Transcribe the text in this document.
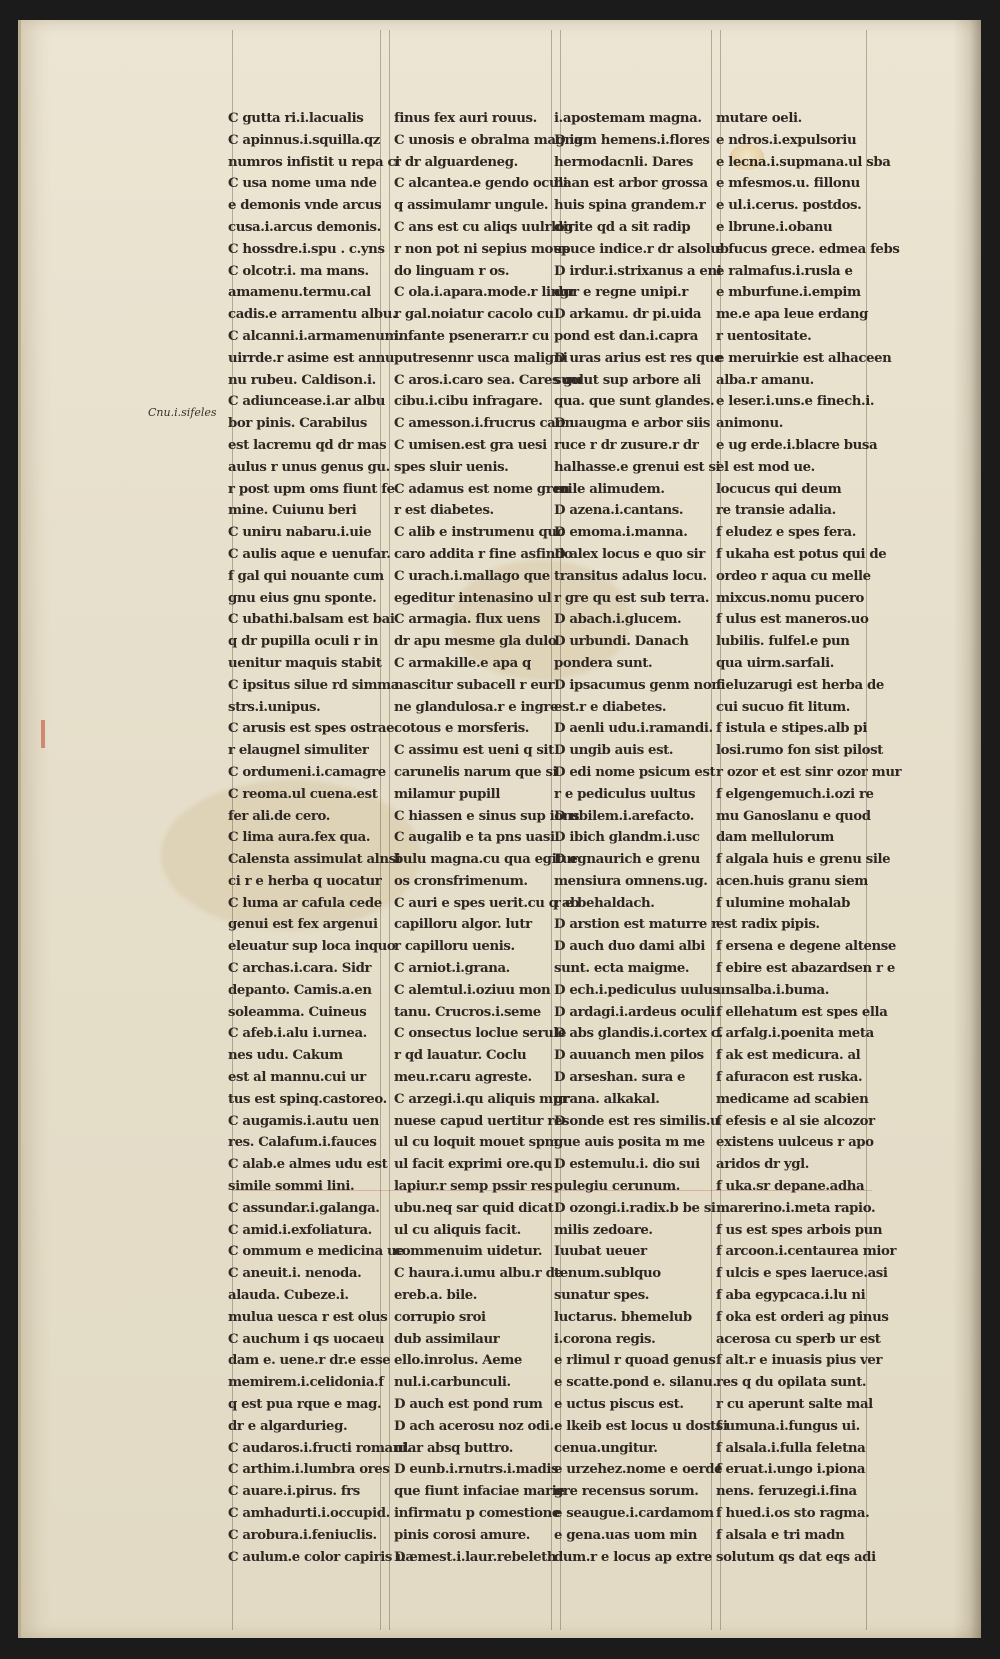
Cnu.i.sifeles
C gutta ri.i.lacualis
C apinnus.i.squilla.qz
numros infistit u repa ci
C usa nome uma nde
e demonis vnde arcus
cusa.i.arcus demonis.
C hossdre.i.spu . c.yns
C olcotr.i. ma mans.
amamenu.termu.cal
cadis.e arramentu albu.
C alcanni.i.armamenum.
uirrde.r asime est annu
nu rubeu. Caldison.i.
C adiuncease.i.ar albu
bor pinis. Carabilus
est lacremu qd dr mas
aulus r unus genus gu.
r post upm oms fiunt fe
mine. Cuiunu beri
C uniru nabaru.i.uie
C aulis aque e uenufar.
f gal qui nouante cum
gnu eius gnu sponte.
C ubathi.balsam est bai
q dr pupilla oculi r in
uenitur maquis stabit
C ipsitus silue rd simma
strs.i.unipus.
C arusis est spes ostrae.
r elaugnel simuliter
C ordumeni.i.camagre
C reoma.ul cuena.est
fer ali.de cero.
C lima aura.fex qua.
Calensta assimulat alnsi
ci r e herba q uocatur
C luma ar cafula cede
genui est fex argenui
eleuatur sup loca inquo
C archas.i.cara. Sidr
depanto. Camis.a.en
soleamma. Cuineus
C afeb.i.alu i.urnea.
nes udu. Cakum
est al mannu.cui ur
tus est spinq.castoreo.
C augamis.i.autu uen
res. Calafum.i.fauces
C alab.e almes udu est
simile sommi lini.
C assundar.i.galanga.
C amid.i.exfoliatura.
C ommum e medicina ue
C aneuit.i. nenoda.
alauda. Cubeze.i.
mulua uesca r est olus
C auchum i qs uocaeu
dam e. uene.r dr.e esse
memirem.i.celidonia.f
q est pua rque e mag.
dr e algardurieg.
C audaros.i.fructi romani.
C arthim.i.lumbra ores
C auare.i.pirus. frs
C amhadurti.i.occupid.
C arobura.i.feniuclis.
C aulum.e color capiris ua
finus fex auri rouus.
C unosis e obralma magna
r dr alguardeneg.
C alcantea.e gendo oculi
q assimulamr ungule.
C ans est cu aliqs uulrlog
r non pot ni sepius moue
do linguam r os.
C ola.i.apara.mode.r lingr
r gal.noiatur cacolo cu
infante psenerarr.r cu
putresennr usca maligni
C aros.i.caro sea. Cares gu
cibu.i.cibu infragare.
C amesson.i.frucrus cann
C umisen.est gra uesi
spes sluir uenis.
C adamus est nome gren
r est diabetes.
C alib e instrumenu quo
caro addita r fine asfindo
C urach.i.mallago que
egeditur intenasino ul
C armagia. flux uens
dr apu mesme gla dulo
C armakille.e apa q
nascitur subacell r eur
ne glandulosa.r e ingre
cotous e morsferis.
C assimu est ueni q sit
carunelis narum que si
milamur pupill
C hiassen e sinus sup ions
C augalib e ta pns uasi
bulu magna.cu qua egitur
os cronsfrimenum.
C auri e spes uerit.cu q ab
capilloru algor. lutr
r capilloru uenis.
C arniot.i.grana.
C alemtul.i.oziuu mon
tanu. Crucros.i.seme
C onsectus loclue serule
r qd lauatur. Coclu
meu.r.caru agreste.
C arzegi.i.qu aliquis mpr
nuese capud uertitur res
ul cu loquit mouet spm
ul facit exprimi ore.qu
lapiur.r semp pssir res
ubu.neq sar quid dicat
ul cu aliquis facit.
commenuim uidetur.
C haura.i.umu albu.r de
ereb.a. bile.
corrupio sroi
dub assimilaur
ello.inrolus. Aeme
nul.i.carbunculi.
D auch est pond rum
D ach acerosu noz odi.
ular absq buttro.
D eunb.i.rnutrs.i.madis
que fiunt infaciae marie
infirmatu p comestione
pinis corosi amure.
D emest.i.laur.rebeleth
i.apostemam magna.
D igm hemens.i.flores
hermodacnli. Dares
haan est arbor grossa
huis spina grandem.r
dirite qd a sit radip
spuce indice.r dr alsolub
D irdur.i.strixanus a eni
dur e regne unipi.r
D arkamu. dr pi.uida
pond est dan.i.capra
D uras arius est res que
suolut sup arbore ali
qua. que sunt glandes.
D uaugma e arbor siis
ruce r dr zusure.r dr
halhasse.e grenui est si
mile alimudem.
D azena.i.cantans.
D emoma.i.manna.
D alex locus e quo sir
transitus adalus locu.
r gre qu est sub terra.
D abach.i.glucem.
D urbundi. Danach
pondera sunt.
D ipsacumus genm noni
est.r e diabetes.
D aenli udu.i.ramandi.
D ungib auis est.
D edi nome psicum est
r e pediculus uultus
D ubilem.i.arefacto.
D ibich glandm.i.usc
D egnaurich e grenu
mensiura omnens.ug.
r e behaldach.
D arstion est maturre r
D auch duo dami albi
sunt. ecta maigme.
D ech.i.pediculus uulus
D ardagi.i.ardeus oculi
D abs glandis.i.cortex c.
D auuanch men pilos
D arseshan. sura e
grana. alkakal.
D onde est res similis.u
gue auis posita m me
D estemulu.i. dio sui
pulegiu cerunum.
D ozongi.i.radix.b be si
milis zedoare.
Iuubat ueuer
tenum.sublquo
sunatur spes.
luctarus. bhemelub
i.corona regis.
e rlimul r quoad genus
e scatte.pond e. silanu.
e uctus piscus est.
e lkeib est locus u dostsi
cenua.ungitur.
e urzehez.nome e oerde
gre recensus sorum.
e seaugue.i.cardamom
e gena.uas uom min
dum.r e locus ap extre
mutare oeli.
e ndros.i.expulsoriu
e lecna.i.supmana.ul sba
e mfesmos.u. fillonu
e ul.i.cerus. postdos.
e lbrune.i.obanu
e fucus grece. edmea febs
e ralmafus.i.rusla e
e mburfune.i.empim
me.e apa leue erdang
r uentositate.
e meruirkie est alhaceen
alba.r amanu.
e leser.i.uns.e finech.i.
animonu.
e ug erde.i.blacre busa
el est mod ue.
locucus qui deum
re transie adalia.
f eludez e spes fera.
f ukaha est potus qui de
ordeo r aqua cu melle
mixcus.nomu pucero
f ulus est maneros.uo
lubilis. fulfel.e pun
qua uirm.sarfali.
f eluzarugi est herba de
cui sucuo fit litum.
f istula e stipes.alb pi
losi.rumo fon sist pilost
r ozor et est sinr ozor mur
f elgengemuch.i.ozi re
mu Ganoslanu e quod
dam mellulorum
f algala huis e grenu sile
acen.huis granu siem
f ulumine mohalab
est radix pipis.
f ersena e degene altense
f ebire est abazardsen r e
unsalba.i.buma.
f ellehatum est spes ella
f arfalg.i.poenita meta
f ak est medicura. al
f afuracon est ruska.
medicame ad scabien
f efesis e al sie alcozor
existens uulceus r apo
aridos dr ygl.
f uka.sr depane.adha
marerino.i.meta rapio.
f us est spes arbois pun
f arcoon.i.centaurea mior
f ulcis e spes laeruce.asi
f aba egypcaca.i.lu ni
f oka est orderi ag pinus
acerosa cu sperb ur est
f alt.r e inuasis pius ver
res q du opilata sunt.
r cu aperunt salte mal
f umuna.i.fungus ui.
f alsala.i.fulla feletna
f eruat.i.ungo i.piona
nens. feruzegi.i.fina
f hued.i.os sto ragma.
f alsala e tri madn
solutum qs dat eqs adi
